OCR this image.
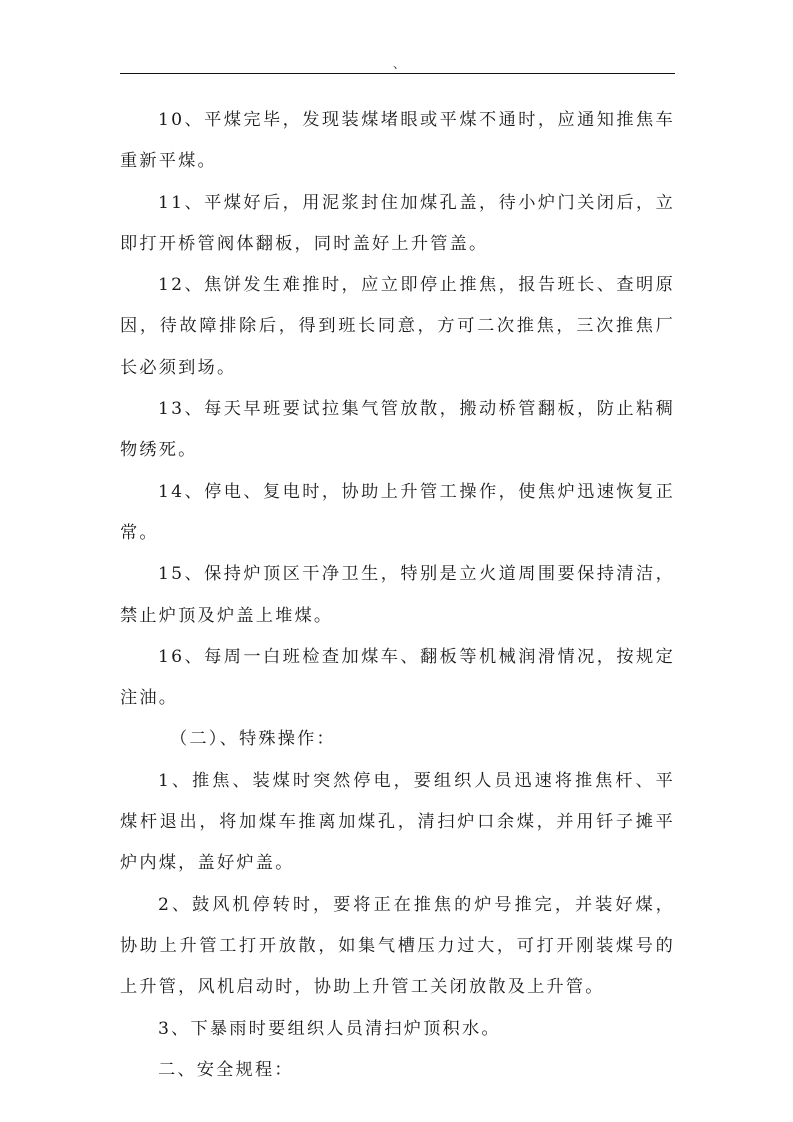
、

10、平煤完毕，发现装煤堵眼或平煤不通时，应通知推焦车重新平煤。

11、平煤好后，用泥浆封住加煤孔盖，待小炉门关闭后，立即打开桥管阀体翻板，同时盖好上升管盖。

12、焦饼发生难推时，应立即停止推焦，报告班长、查明原因，待故障排除后，得到班长同意，方可二次推焦，三次推焦厂长必须到场。

13、每天早班要试拉集气管放散，搬动桥管翻板，防止粘稠物绣死。

14、停电、复电时，协助上升管工操作，使焦炉迅速恢复正常。

15、保持炉顶区干净卫生，特别是立火道周围要保持清洁，禁止炉顶及炉盖上堆煤。

16、每周一白班检查加煤车、翻板等机械润滑情况，按规定注油。

（二）、特殊操作：

1、推焦、装煤时突然停电，要组织人员迅速将推焦杆、平煤杆退出，将加煤车推离加煤孔，清扫炉口余煤，并用钎子摊平炉内煤，盖好炉盖。

2、鼓风机停转时，要将正在推焦的炉号推完，并装好煤，协助上升管工打开放散，如集气槽压力过大，可打开刚装煤号的上升管，风机启动时，协助上升管工关闭放散及上升管。

3、下暴雨时要组织人员清扫炉顶积水。

二、安全规程：
